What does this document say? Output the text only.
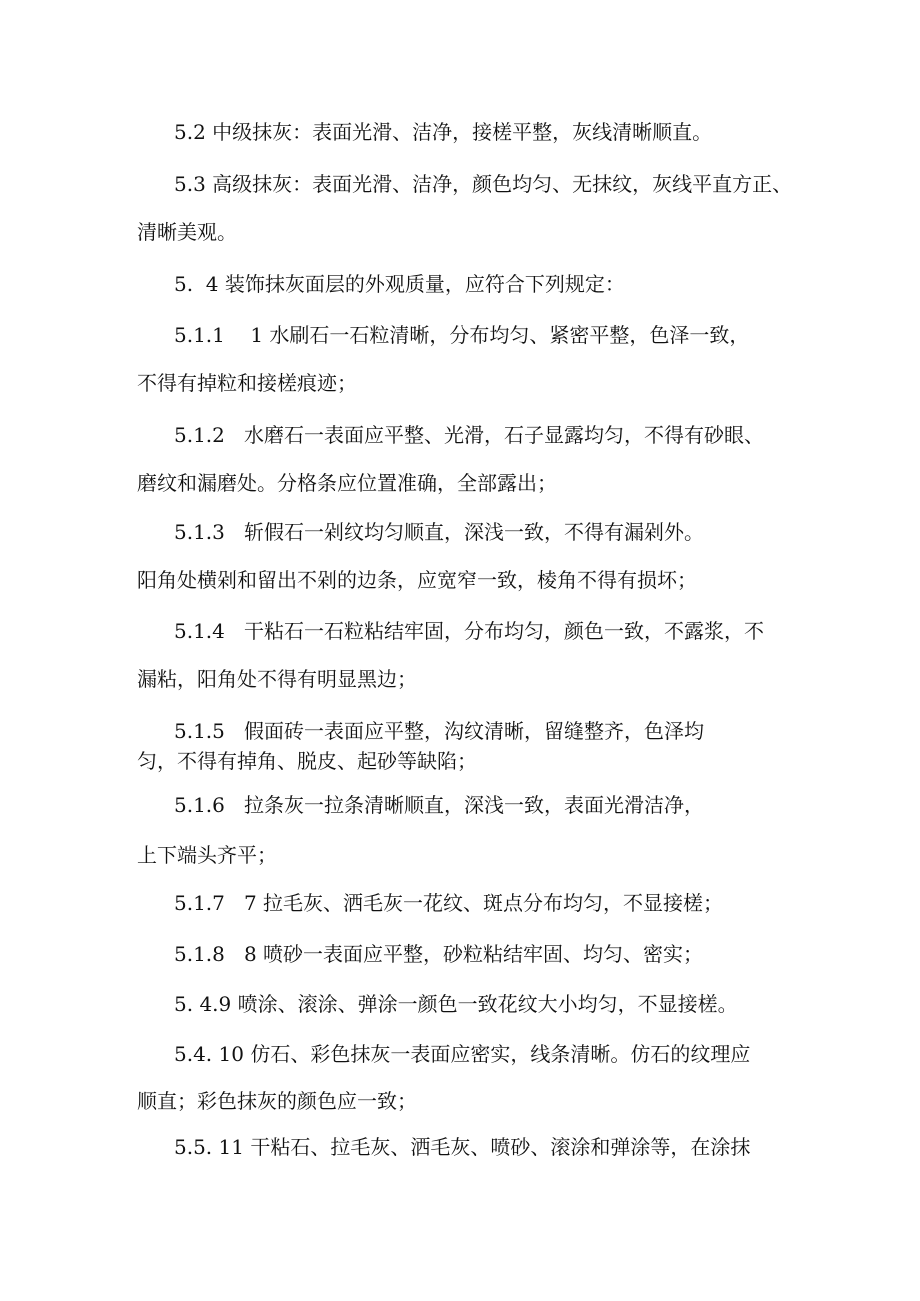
5.2 中级抹灰：表面光滑、洁净，接槎平整，灰线清晰顺直。
5.3 高级抹灰：表面光滑、洁净，颜色均匀、无抹纹，灰线平直方正、
清晰美观。
5.  4 装饰抹灰面层的外观质量，应符合下列规定：
5.1.1    1 水刷石一石粒清晰，分布均匀、紧密平整，色泽一致，
不得有掉粒和接槎痕迹；
5.1.2   水磨石一表面应平整、光滑，石子显露均匀，不得有砂眼、
磨纹和漏磨处。分格条应位置准确，全部露出；
5.1.3   斩假石一剁纹均匀顺直，深浅一致，不得有漏剁外。
阳角处横剁和留出不剁的边条，应宽窄一致，棱角不得有损坏；
5.1.4   干粘石一石粒粘结牢固，分布均匀，颜色一致，不露浆，不
漏粘，阳角处不得有明显黑边；
5.1.5   假面砖一表面应平整，沟纹清晰，留缝整齐，色泽均
匀，不得有掉角、脱皮、起砂等缺陷；
5.1.6   拉条灰一拉条清晰顺直，深浅一致，表面光滑洁净，
上下端头齐平；
5.1.7   7 拉毛灰、洒毛灰一花纹、斑点分布均匀，不显接槎；
5.1.8   8 喷砂一表面应平整，砂粒粘结牢固、均匀、密实；
5. 4.9 喷涂、滚涂、弹涂一颜色一致花纹大小均匀，不显接槎。
5.4. 10 仿石、彩色抹灰一表面应密实，线条清晰。仿石的纹理应
顺直；彩色抹灰的颜色应一致；
5.5. 11 干粘石、拉毛灰、洒毛灰、喷砂、滚涂和弹涂等，在涂抹
